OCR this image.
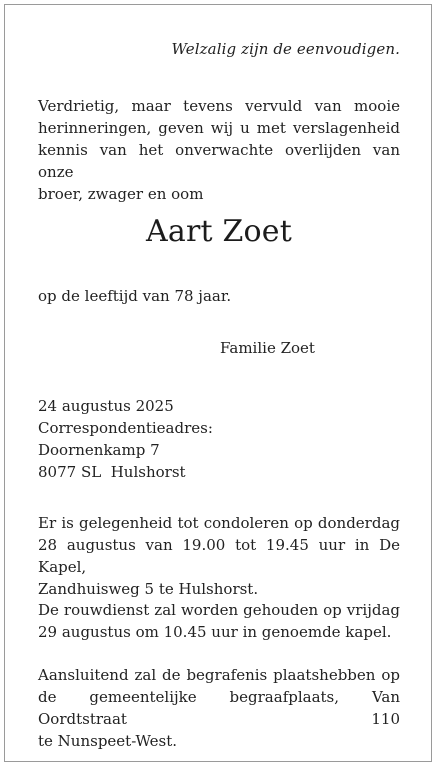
Welzalig zijn de eenvoudigen.

Verdrietig, maar tevens vervuld van mooie
herinneringen, geven wij u met verslagenheid
kennis van het onverwachte overlijden van onze
broer, zwager en oom

Aart Zoet

op de leeftijd van 78 jaar.

Familie Zoet

24 augustus 2025
Correspondentieadres:
Doornenkamp 7
8077 SL  Hulshorst

Er is gelegenheid tot condoleren op donderdag
28 augustus van 19.00 tot 19.45 uur in De Kapel,
Zandhuisweg 5 te Hulshorst.

De rouwdienst zal worden gehouden op vrijdag
29 augustus om 10.45 uur in genoemde kapel.

Aansluitend zal de begrafenis plaatshebben op
de gemeentelijke begraafplaats, Van Oordtstraat 110
te Nunspeet-West.
